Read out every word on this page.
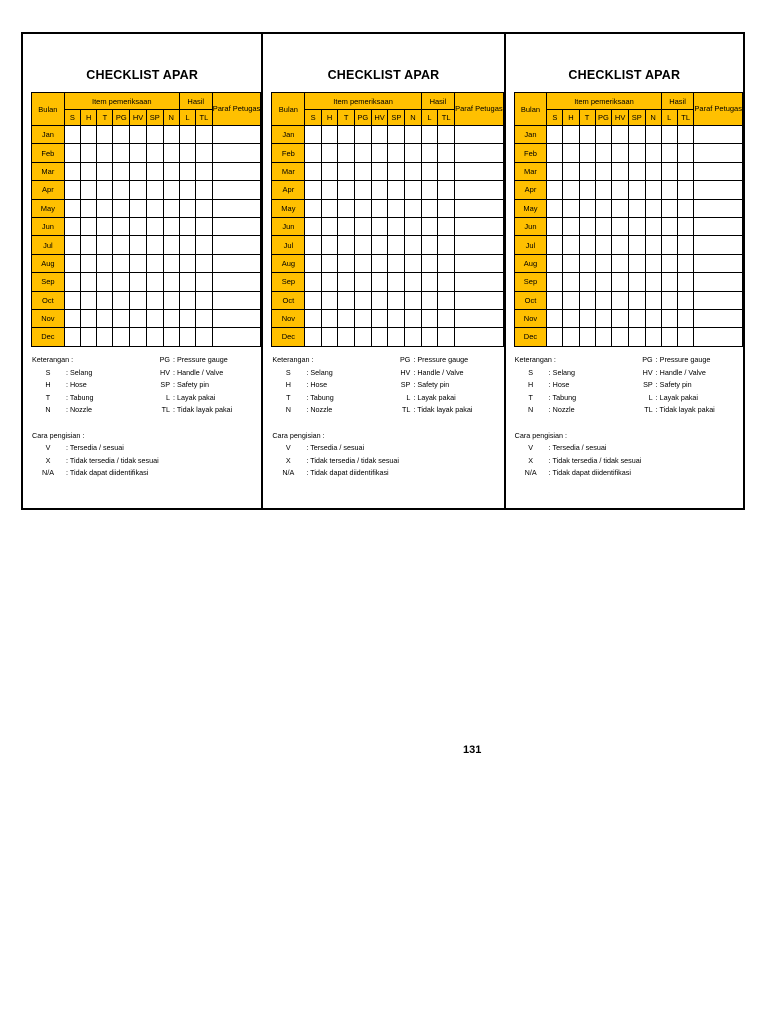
CHECKLIST APAR
Bulan	Item pemeriksaan							Hasil		Paraf Petugas
	S	H	T	PG	HV	SP	N	L	TL	
Jan										
Feb										
Mar										
Apr										
May										
Jun										
Jul										
Aug										
Sep										
Oct										
Nov										
Dec										
Keterangan :	PG : Pressure gauge
HV : Handle / Valve
S	: Selang
SP : Safety pin
H	: Hose
L : Layak pakai
T	: Tabung
TL : Tidak layak pakai
N	: Nozzle
Cara pengisian :
V	: Tersedia / sesuai
X	: Tidak tersedia / tidak sesuai
N/A	: Tidak dapat diidentifikasi
CHECKLIST APAR
Bulan	Item pemeriksaan							Hasil		Paraf Petugas
	S	H	T	PG	HV	SP	N	L	TL	
Jan										
Feb										
Mar										
Apr										
May										
Jun										
Jul										
Aug										
Sep										
Oct										
Nov										
Dec										
Keterangan :	PG : Pressure gauge
HV : Handle / Valve
S	: Selang
SP : Safety pin
H	: Hose
L : Layak pakai
T	: Tabung
TL : Tidak layak pakai
N	: Nozzle
Cara pengisian :
V	: Tersedia / sesuai
X	: Tidak tersedia / tidak sesuai
N/A	: Tidak dapat diidentifikasi
CHECKLIST APAR
Bulan	Item pemeriksaan							Hasil		Paraf Petugas
	S	H	T	PG	HV	SP	N	L	TL	
Jan										
Feb										
Mar										
Apr										
May										
Jun										
Jul										
Aug										
Sep										
Oct										
Nov										
Dec										
Keterangan :	PG : Pressure gauge
HV : Handle / Valve
S	: Selang
SP : Safety pin
H	: Hose
L : Layak pakai
T	: Tabung
TL : Tidak layak pakai
N	: Nozzle
Cara pengisian :
V	: Tersedia / sesuai
X	: Tidak tersedia / tidak sesuai
N/A	: Tidak dapat diidentifikasi
131
